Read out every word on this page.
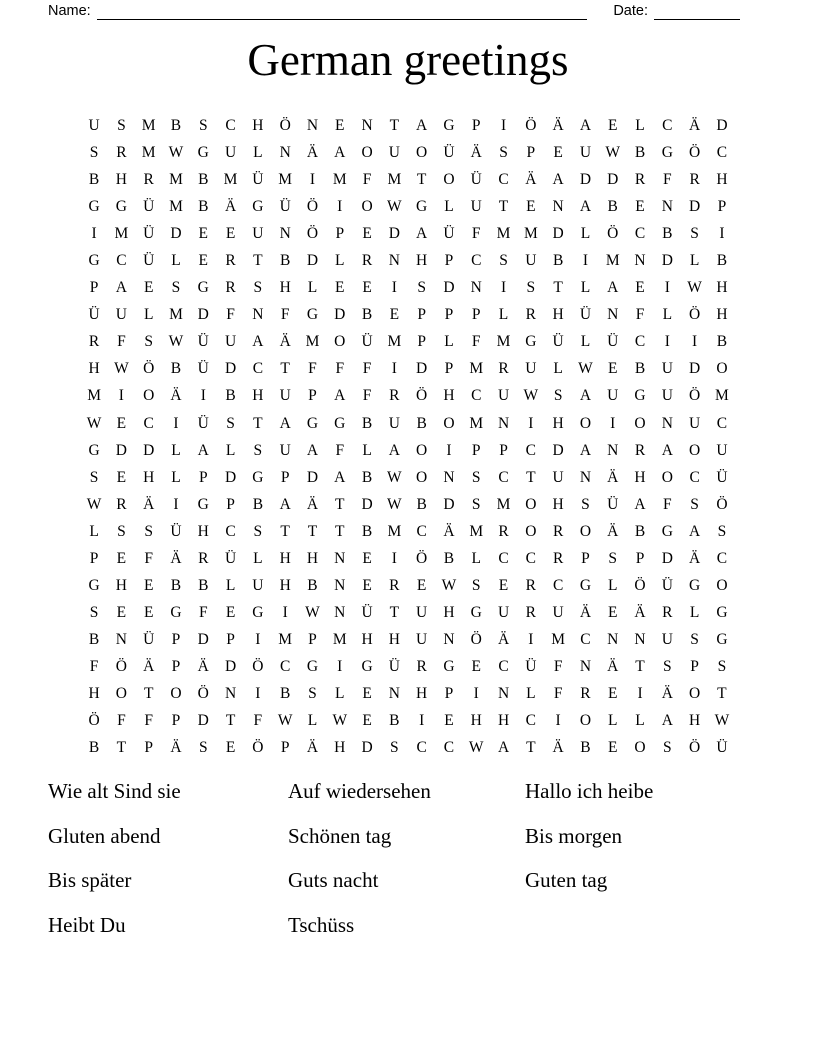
Name:	Date:
German greetings
U	S	M B	S	C	H	Ö	N	E	N	T	A	G	P	I	Ö	Ä	A	E	L	C	Ä	D
S	R M W G	U	L	N	Ä	A	O	U	O	Ü	Ä	S	P	E	U W B	G	Ö	C
B	H	R M B M Ü M	I	M	F	M	T	O	Ü	C	Ä	A	D	D	R	F	R	H
G	G	Ü M B	Ä	G	Ü	Ö	I	O W G	L	U	T	E	N	A	B	E	N	D	P
I	M Ü	D	E	E	U	N	Ö	P	E	D	A	Ü	F	M M D	L	Ö	C	B	S	I
G	C	Ü	L	E	R	T	B	D	L	R	N	H	P	C	S	U	B	I	M N	D	L	B
P	A	E	S	G	R	S	H	L	E	E	I	S	D	N	I	S	T	L	A	E	I	W H
Ü	U	L	M D	F	N	F	G	D	B	E	P	P	P	L	R	H	Ü	N	F	L	Ö	H
R	F	S	W Ü	U	A	Ä M O	Ü M	P	L	F	M G	Ü	L	Ü	C	I	I	B
H W Ö	B	Ü	D	C	T	F	F	F	I	D	P	M R	U	L W E	B	U	D	O
M	I	O	Ä	I	B	H	U	P	A	F	R	Ö	H	C	U W	S	A	U	G	U	Ö M
W E	C	I	Ü	S	T	A	G	G	B	U	B	O M N	I	H	O	I	O	N	U	C
G	D	D	L	A	L	S	U	A	F	L	A	O	I	P	P	C	D	A	N	R	A	O	U
S	E	H	L	P	D	G	P	D	A	B W O	N	S	C	T	U	N	Ä	H	O	C	Ü
W R	Ä	I	G	P	B	A	Ä	T	D W B	D	S	M O	H	S	Ü	A	F	S	Ö
L	S	S	Ü	H	C	S	T	T	T	B M C	Ä M R	O	R	O	Ä	B	G	A	S
P	E	F	Ä	R	Ü	L	H	H	N	E	I	Ö	B	L	C	C	R	P	S	P	D	Ä	C
G	H	E	B	B	L	U	H	B	N	E	R	E W	S	E	R	C	G	L	Ö	Ü	G	O
S	E	E	G	F	E	G	I	W N	Ü	T	U	H	G	U	R	U	Ä	E	Ä	R	L	G
B	N	Ü	P	D	P	I	M	P	M H	H	U	N	Ö	Ä	I	M C	N	N	U	S	G
F	Ö	Ä	P	Ä	D	Ö	C	G	I	G	Ü	R	G	E	C	Ü	F	N	Ä	T	S	P	S
H	O	T	O	Ö	N	I	B	S	L	E	N	H	P	I	N	L	F	R	E	I	Ä	O	T
Ö	F	F	P	D	T	F	W L W E	B	I	E	H	H	C	I	O	L	L	A	H W
B	T	P	Ä	S	E	Ö	P	Ä	H	D	S	C	C W A	T	Ä	B	E	O	S	Ö	Ü
Wie alt Sind sie	Auf wiedersehen	Hallo ich heibe
Gluten abend	Schönen tag	Bis morgen
Bis später	Guts nacht	Guten tag
Heibt Du	Tschüss
